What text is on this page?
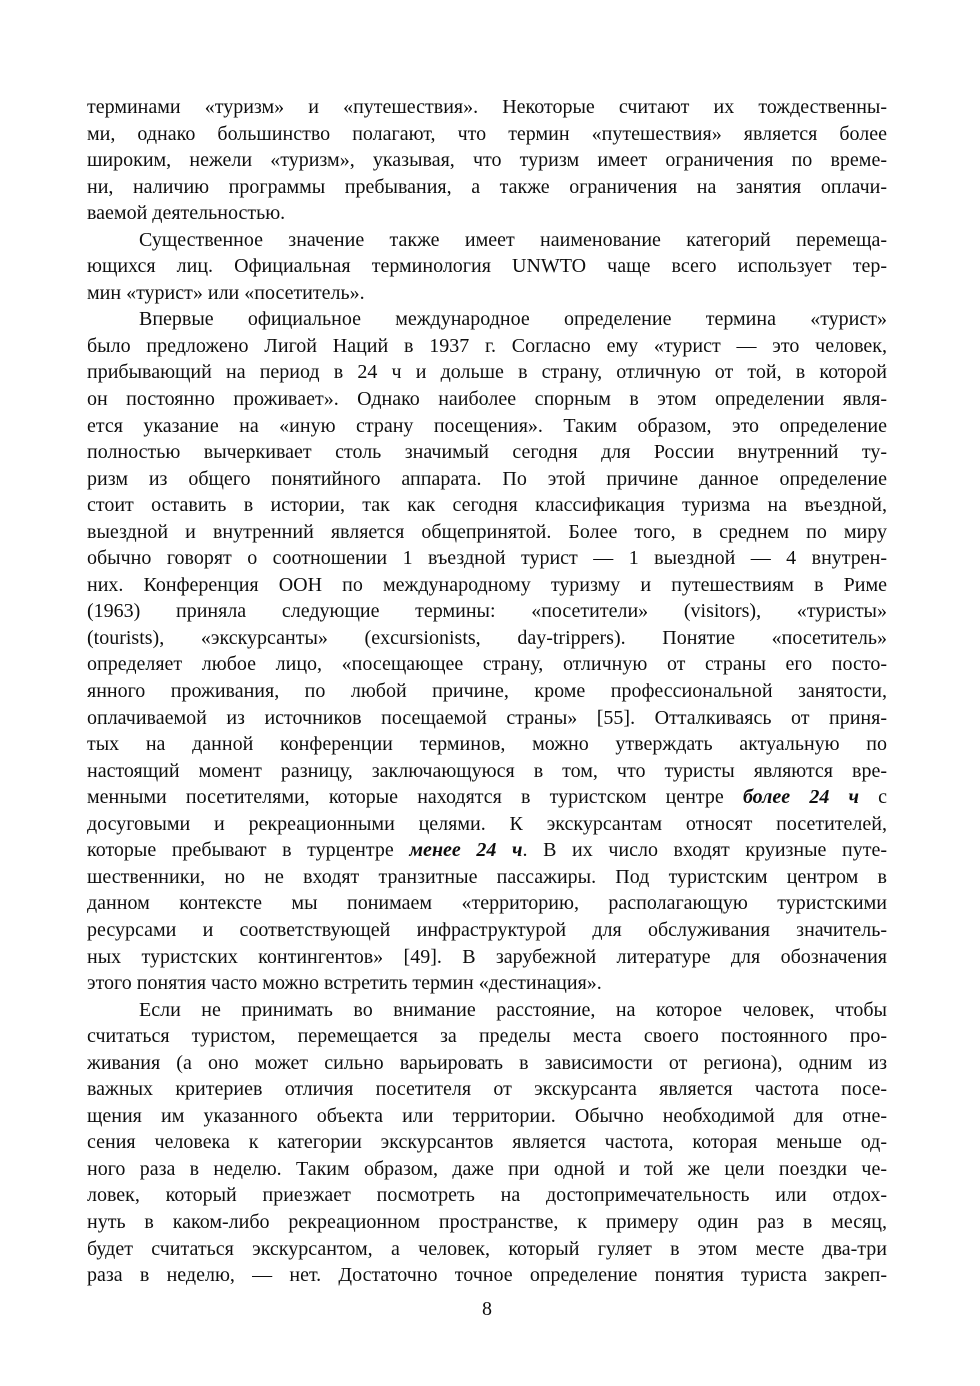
терминами «туризм» и «путешествия». Некоторые считают их тождественны-
ми, однако большинство полагают, что термин «путешествия» является более
широким, нежели «туризм», указывая, что туризм имеет ограничения по време-
ни, наличию программы пребывания, а также ограничения на занятия оплачи-
ваемой деятельностью.
Существенное значение также имеет наименование категорий перемеща-
ющихся лиц. Официальная терминология UNWTO чаще всего использует тер-
мин «турист» или «посетитель».
Впервые официальное международное определение термина «турист»
было предложено Лигой Наций в 1937 г. Согласно ему «турист — это человек,
прибывающий на период в 24 ч и дольше в страну, отличную от той, в которой
он постоянно проживает». Однако наиболее спорным в этом определении явля-
ется указание на «иную страну посещения». Таким образом, это определение
полностью вычеркивает столь значимый сегодня для России внутренний ту-
ризм из общего понятийного аппарата. По этой причине данное определение
стоит оставить в истории, так как сегодня классификация туризма на въездной,
выездной и внутренний является общепринятой. Более того, в среднем по миру
обычно говорят о соотношении 1 въездной турист — 1 выездной — 4 внутрен-
них. Конференция ООН по международному туризму и путешествиям в Риме
(1963) приняла следующие термины: «посетители» (visitors), «туристы»
(tourists), «экскурсанты» (excursionists, day-trippers). Понятие «посетитель»
определяет любое лицо, «посещающее страну, отличную от страны его посто-
янного проживания, по любой причине, кроме профессиональной занятости,
оплачиваемой из источников посещаемой страны» [55]. Отталкиваясь от приня-
тых на данной конференции терминов, можно утверждать актуальную по
настоящий момент разницу, заключающуюся в том, что туристы являются вре-
менными посетителями, которые находятся в туристском центре более 24 ч с
досуговыми и рекреационными целями. К экскурсантам относят посетителей,
которые пребывают в турцентре менее 24 ч. В их число входят круизные путе-
шественники, но не входят транзитные пассажиры. Под туристским центром в
данном контексте мы понимаем «территорию, располагающую туристскими
ресурсами и соответствующей инфраструктурой для обслуживания значитель-
ных туристских контингентов» [49]. В зарубежной литературе для обозначения
этого понятия часто можно встретить термин «дестинация».
Если не принимать во внимание расстояние, на которое человек, чтобы
считаться туристом, перемещается за пределы места своего постоянного про-
живания (а оно может сильно варьировать в зависимости от региона), одним из
важных критериев отличия посетителя от экскурсанта является частота посе-
щения им указанного объекта или территории. Обычно необходимой для отне-
сения человека к категории экскурсантов является частота, которая меньше од-
ного раза в неделю. Таким образом, даже при одной и той же цели поездки че-
ловек, который приезжает посмотреть на достопримечательность или отдох-
нуть в каком-либо рекреационном пространстве, к примеру один раз в месяц,
будет считаться экскурсантом, а человек, который гуляет в этом месте два-три
раза в неделю, — нет. Достаточно точное определение понятия туриста закреп-
8
